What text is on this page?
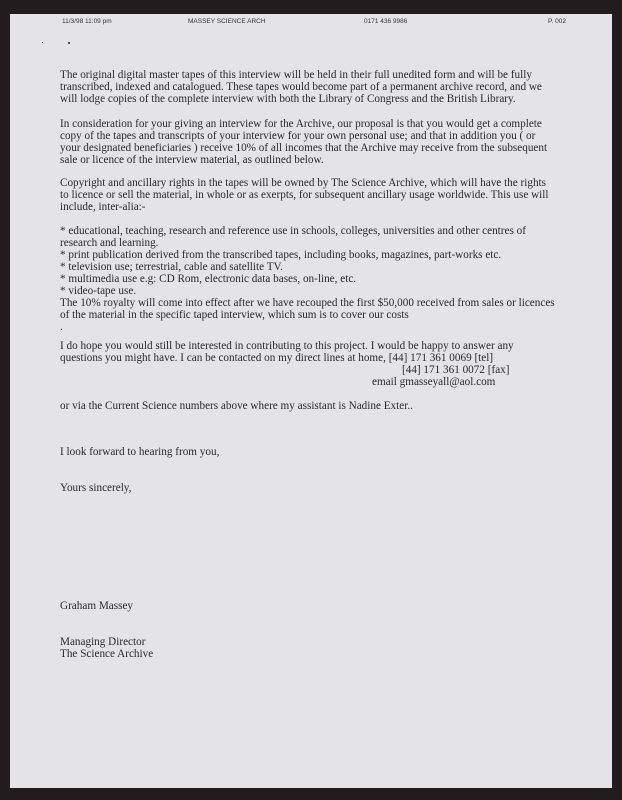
11/3/98 11:09 pm	MASSEY SCIENCE ARCH	0171 436 9986	P. 002
The original digital master tapes of this interview will be held in their full unedited form and will be fully
transcribed, indexed and catalogued. These tapes would become part of a permanent archive record, and we
will lodge copies of the complete interview with both the Library of Congress and the British Library.
In consideration for your giving an interview for the Archive, our proposal is that you would get a complete
copy of the tapes and transcripts of your interview for your own personal use; and that in addition you ( or
your designated beneficiaries ) receive 10% of all incomes that the Archive may receive from the subsequent
sale or licence of the interview material, as outlined below.
Copyright and ancillary rights in the tapes will be owned by The Science Archive, which will have the rights
to licence or sell the material, in whole or as exerpts, for subsequent ancillary usage worldwide. This use will
include, inter-alia:-
* educational, teaching, research and reference use in schools, colleges, universities and other centres of
research and learning.
* print publication derived from the transcribed tapes, including books, magazines, part-works etc.
* television use; terrestrial, cable and satellite TV.
* multimedia use e.g: CD Rom, electronic data bases, on-line, etc.
* video-tape use.
The 10% royalty will come into effect after we have recouped the first $50,000 received from sales or licences
of the material in the specific taped interview, which sum is to cover our costs
.
I do hope you would still be interested in contributing to this project. I would be happy to answer any
questions you might have. I can be contacted on my direct lines at home, [44] 171 361 0069 [tel]
[44] 171 361 0072 [fax]
email gmasseyall@aol.com
or via the Current Science numbers above where my assistant is Nadine Exter..
I look forward to hearing from you,
Yours sincerely,
Graham Massey
Managing Director
The Science Archive
